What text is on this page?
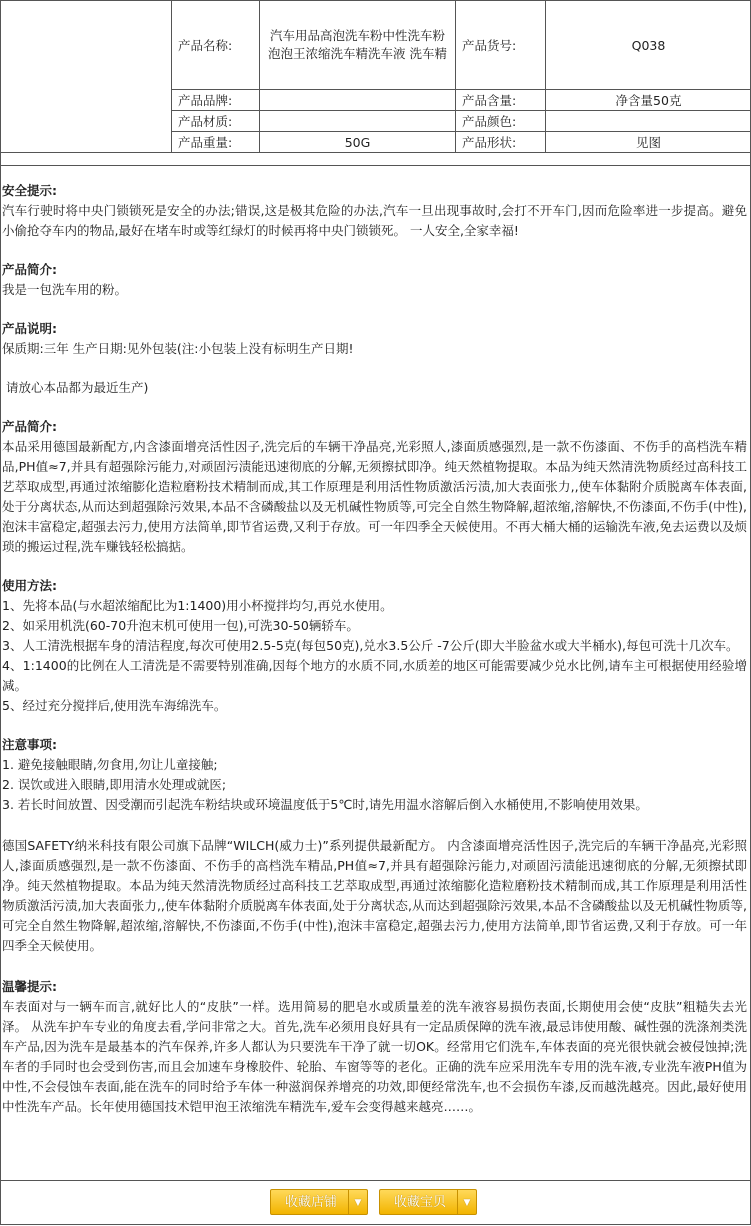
	产品名称:	汽车用品高泡洗车粉中性洗车粉 泡泡王浓缩洗车精洗车液 洗车精	产品货号:	Q038
	产品品牌:		产品含量:	净含量50克
	产品材质:		产品颜色:	
	产品重量:	50G	产品形状:	见图

安全提示:

汽车行驶时将中央门锁锁死是安全的办法;错误,这是极其危险的办法,汽车一旦出现事故时,会打不开车门,因而危险率进一步提高。避免小偷抢夺车内的物品,最好在堵车时或等红绿灯的时候再将中央门锁锁死。 一人安全,全家幸福!

产品简介:

我是一包洗车用的粉。

产品说明:

保质期:三年 生产日期:见外包装(注:小包装上没有标明生产日期!

请放心本品都为最近生产)

产品简介:

本品采用德国最新配方,内含漆面增亮活性因子,洗完后的车辆干净晶亮,光彩照人,漆面质感强烈,是一款不伤漆面、不伤手的高档洗车精品,PH值≈7,并具有超强除污能力,对顽固污渍能迅速彻底的分解,无须擦拭即净。纯天然植物提取。本品为纯天然清洗物质经过高科技工艺萃取成型,再通过浓缩膨化造粒磨粉技术精制而成,其工作原理是利用活性物质激活污渍,加大表面张力,,使车体黏附介质脱离车体表面,处于分离状态,从而达到超强除污效果,本品不含磷酸盐以及无机碱性物质等,可完全自然生物降解,超浓缩,溶解快,不伤漆面,不伤手(中性),泡沫丰富稳定,超强去污力,使用方法简单,即节省运费,又利于存放。可一年四季全天候使用。不再大桶大桶的运输洗车液,免去运费以及烦琐的搬运过程,洗车赚钱轻松搞掂。

使用方法:

1、先将本品(与水超浓缩配比为1:1400)用小杯搅拌均匀,再兑水使用。

2、如采用机洗(60-70升泡末机可使用一包),可洗30-50辆轿车。

3、人工清洗根据车身的清洁程度,每次可使用2.5-5克(每包50克),兑水3.5公斤 -7公斤(即大半脸盆水或大半桶水),每包可洗十几次车。

4、1:1400的比例在人工清洗是不需要特别准确,因每个地方的水质不同,水质差的地区可能需要减少兑水比例,请车主可根据使用经验增减。

5、经过充分搅拌后,使用洗车海绵洗车。

注意事项:

1. 避免接触眼睛,勿食用,勿让儿童接触;

2. 误饮或进入眼睛,即用清水处理或就医;

3. 若长时间放置、因受潮而引起洗车粉结块或环境温度低于5℃时,请先用温水溶解后倒入水桶使用,不影响使用效果。

德国SAFETY纳米科技有限公司旗下品牌“WILCH(威力士)”系列提供最新配方。 内含漆面增亮活性因子,洗完后的车辆干净晶亮,光彩照人,漆面质感强烈,是一款不伤漆面、不伤手的高档洗车精品,PH值≈7,并具有超强除污能力,对顽固污渍能迅速彻底的分解,无须擦拭即净。纯天然植物提取。本品为纯天然清洗物质经过高科技工艺萃取成型,再通过浓缩膨化造粒磨粉技术精制而成,其工作原理是利用活性物质激活污渍,加大表面张力,,使车体黏附介质脱离车体表面,处于分离状态,从而达到超强除污效果,本品不含磷酸盐以及无机碱性物质等,可完全自然生物降解,超浓缩,溶解快,不伤漆面,不伤手(中性),泡沫丰富稳定,超强去污力,使用方法简单,即节省运费,又利于存放。可一年四季全天候使用。

温馨提示:

车表面对与一辆车而言,就好比人的“皮肤”一样。选用简易的肥皂水或质量差的洗车液容易损伤表面,长期使用会使“皮肤”粗糙失去光泽。 从洗车护车专业的角度去看,学问非常之大。首先,洗车必须用良好具有一定品质保障的洗车液,最忌讳使用酸、碱性强的洗涤剂类洗车产品,因为洗车是最基本的汽车保养,许多人都认为只要洗车干净了就一切OK。经常用它们洗车,车体表面的亮光很快就会被侵蚀掉;洗车者的手同时也会受到伤害,而且会加速车身橡胶件、轮胎、车窗等等的老化。正确的洗车应采用洗车专用的洗车液,专业洗车液PH值为中性,不会侵蚀车表面,能在洗车的同时给予车体一种滋润保养增亮的功效,即便经常洗车,也不会损伤车漆,反而越洗越亮。因此,最好使用中性洗车产品。长年使用德国技术铠甲泡王浓缩洗车精洗车,爱车会变得越来越亮……。

收藏店铺	▼	收藏宝贝	▼
